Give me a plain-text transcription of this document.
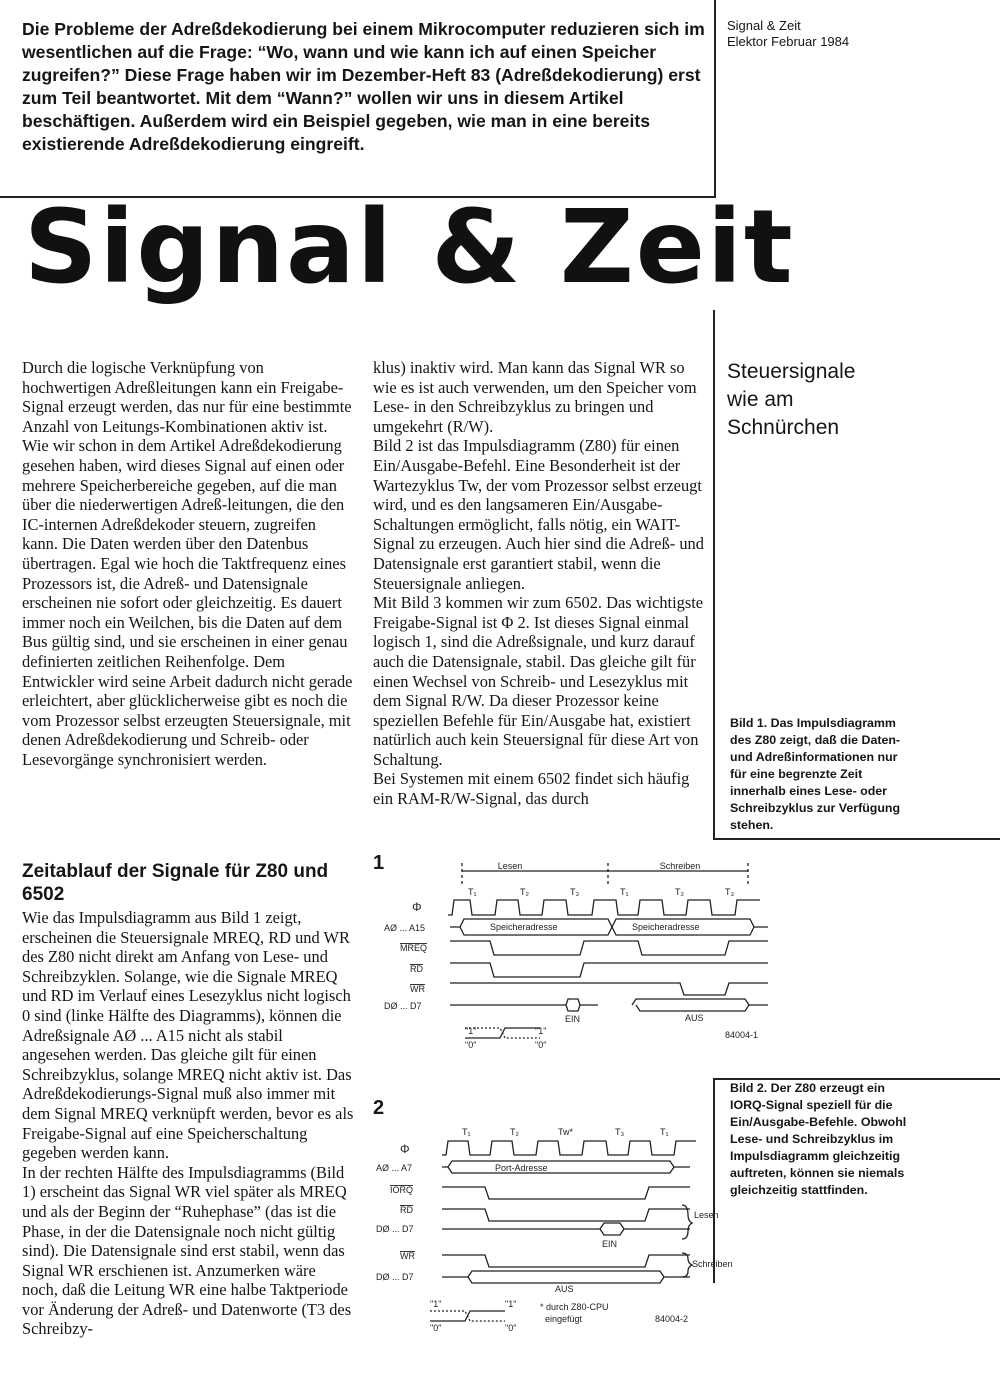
Die Probleme der Adreßdekodierung bei einem Mikrocomputer reduzieren sich im wesentlichen auf die Frage: “Wo, wann und wie kann ich auf einen Speicher zugreifen?” Diese Frage haben wir im Dezember-Heft 83 (Adreßdekodierung) erst zum Teil beantwortet. Mit dem “Wann?” wollen wir uns in diesem Artikel beschäftigen. Außerdem wird ein Beispiel gegeben, wie man in eine bereits existierende Adreßdekodierung eingreift.
Signal & Zeit
Elektor Februar 1984
Signal & Zeit
Steuersignale
wie am
Schnürchen

Durch die logische Verknüpfung von hochwertigen Adreßleitungen kann ein Freigabe-Signal erzeugt werden, das nur für eine bestimmte Anzahl von Leitungs-Kombinationen aktiv ist. Wie wir schon in dem Artikel Adreßdekodierung gesehen haben, wird dieses Signal auf einen oder mehrere Speicherbereiche gegeben, auf die man über die niederwertigen Adreß-leitungen, die den IC-internen Adreßdekoder steuern, zugreifen kann. Die Daten werden über den Datenbus übertragen. Egal wie hoch die Taktfrequenz eines Prozessors ist, die Adreß- und Datensignale erscheinen nie sofort oder gleichzeitig. Es dauert immer noch ein Weilchen, bis die Daten auf dem Bus gültig sind, und sie erscheinen in einer genau definierten zeitlichen Reihenfolge. Dem Entwickler wird seine Arbeit dadurch nicht gerade erleichtert, aber glücklicherweise gibt es noch die vom Prozessor selbst erzeugten Steuersignale, mit denen Adreßdekodierung und Schreib- oder Lesevorgänge synchronisiert werden.

klus) inaktiv wird. Man kann das Signal WR so wie es ist auch verwenden, um den Speicher vom Lese- in den Schreibzyklus zu bringen und umgekehrt (R/W).

Bild 2 ist das Impulsdiagramm (Z80) für einen Ein/Ausgabe-Befehl. Eine Besonderheit ist der Wartezyklus Tw, der vom Prozessor selbst erzeugt wird, und es den langsameren Ein/Ausgabe-Schaltungen ermöglicht, falls nötig, ein WAIT-Signal zu erzeugen. Auch hier sind die Adreß- und Datensignale erst garantiert stabil, wenn die Steuersignale anliegen.

Mit Bild 3 kommen wir zum 6502. Das wichtigste Freigabe-Signal ist Φ 2. Ist dieses Signal einmal logisch 1, sind die Adreßsignale, und kurz darauf auch die Datensignale, stabil. Das gleiche gilt für einen Wechsel von Schreib- und Lesezyklus mit dem Signal R/W. Da dieser Prozessor keine speziellen Befehle für Ein/Ausgabe hat, existiert natürlich auch kein Steuersignal für diese Art von Schaltung.

Bei Systemen mit einem 6502 findet sich häufig ein RAM-R/W-Signal, das durch

Bild 1. Das Impulsdiagramm des Z80 zeigt, daß die Daten- und Adreßinformationen nur für eine begrenzte Zeit innerhalb eines Lese- oder Schreibzyklus zur Verfügung stehen.
Bild 2. Der Z80 erzeugt ein IORQ-Signal speziell für die Ein/Ausgabe-Befehle. Obwohl Lese- und Schreibzyklus im Impulsdiagramm gleichzeitig auftreten, können sie niemals gleichzeitig stattfinden.
Zeitablauf der Signale für Z80 und 6502

Wie das Impulsdiagramm aus Bild 1 zeigt, erscheinen die Steuersignale MREQ, RD und WR des Z80 nicht direkt am Anfang von Lese- und Schreibzyklen. Solange, wie die Signale MREQ und RD im Verlauf eines Lesezyklus nicht logisch 0 sind (linke Hälfte des Diagramms), können die Adreßsignale AØ ... A15 nicht als stabil angesehen werden. Das gleiche gilt für einen Schreibzyklus, solange MREQ nicht aktiv ist. Das Adreßdekodierungs-Signal muß also immer mit dem Signal MREQ verknüpft werden, bevor es als Freigabe-Signal auf eine Speicherschaltung gegeben werden kann.

In der rechten Hälfte des Impulsdiagramms (Bild 1) erscheint das Signal WR viel später als MREQ und als der Beginn der “Ruhephase” (das ist die Phase, in der die Datensignale noch nicht gültig sind). Die Datensignale sind erst stabil, wenn das Signal WR erschienen ist. Anzumerken wäre noch, daß die Leitung WR eine halbe Taktperiode vor Änderung der Adreß- und Datenworte (T3 des Schreibzy-

1	Lesen	Schreiben
T₁	T₂	T₃	T₁	T₂	T₃
Φ
AØ ... A15
MREQ
RD
WR
DØ ... D7
Speicheradresse	Speicheradresse
EIN	AUS
"1"
"0"
"1"
"0"
84004-1
2
T₁	T₂	Tw*	T₃	T₁
Φ
AØ ... A7
IORQ
RD
DØ ... D7
WR
DØ ... D7
Port-Adresse
EIN
AUS
Lesen
Schreiben
"1"
"0"
"1"
"0"
* durch Z80-CPU
eingefügt	84004-2
